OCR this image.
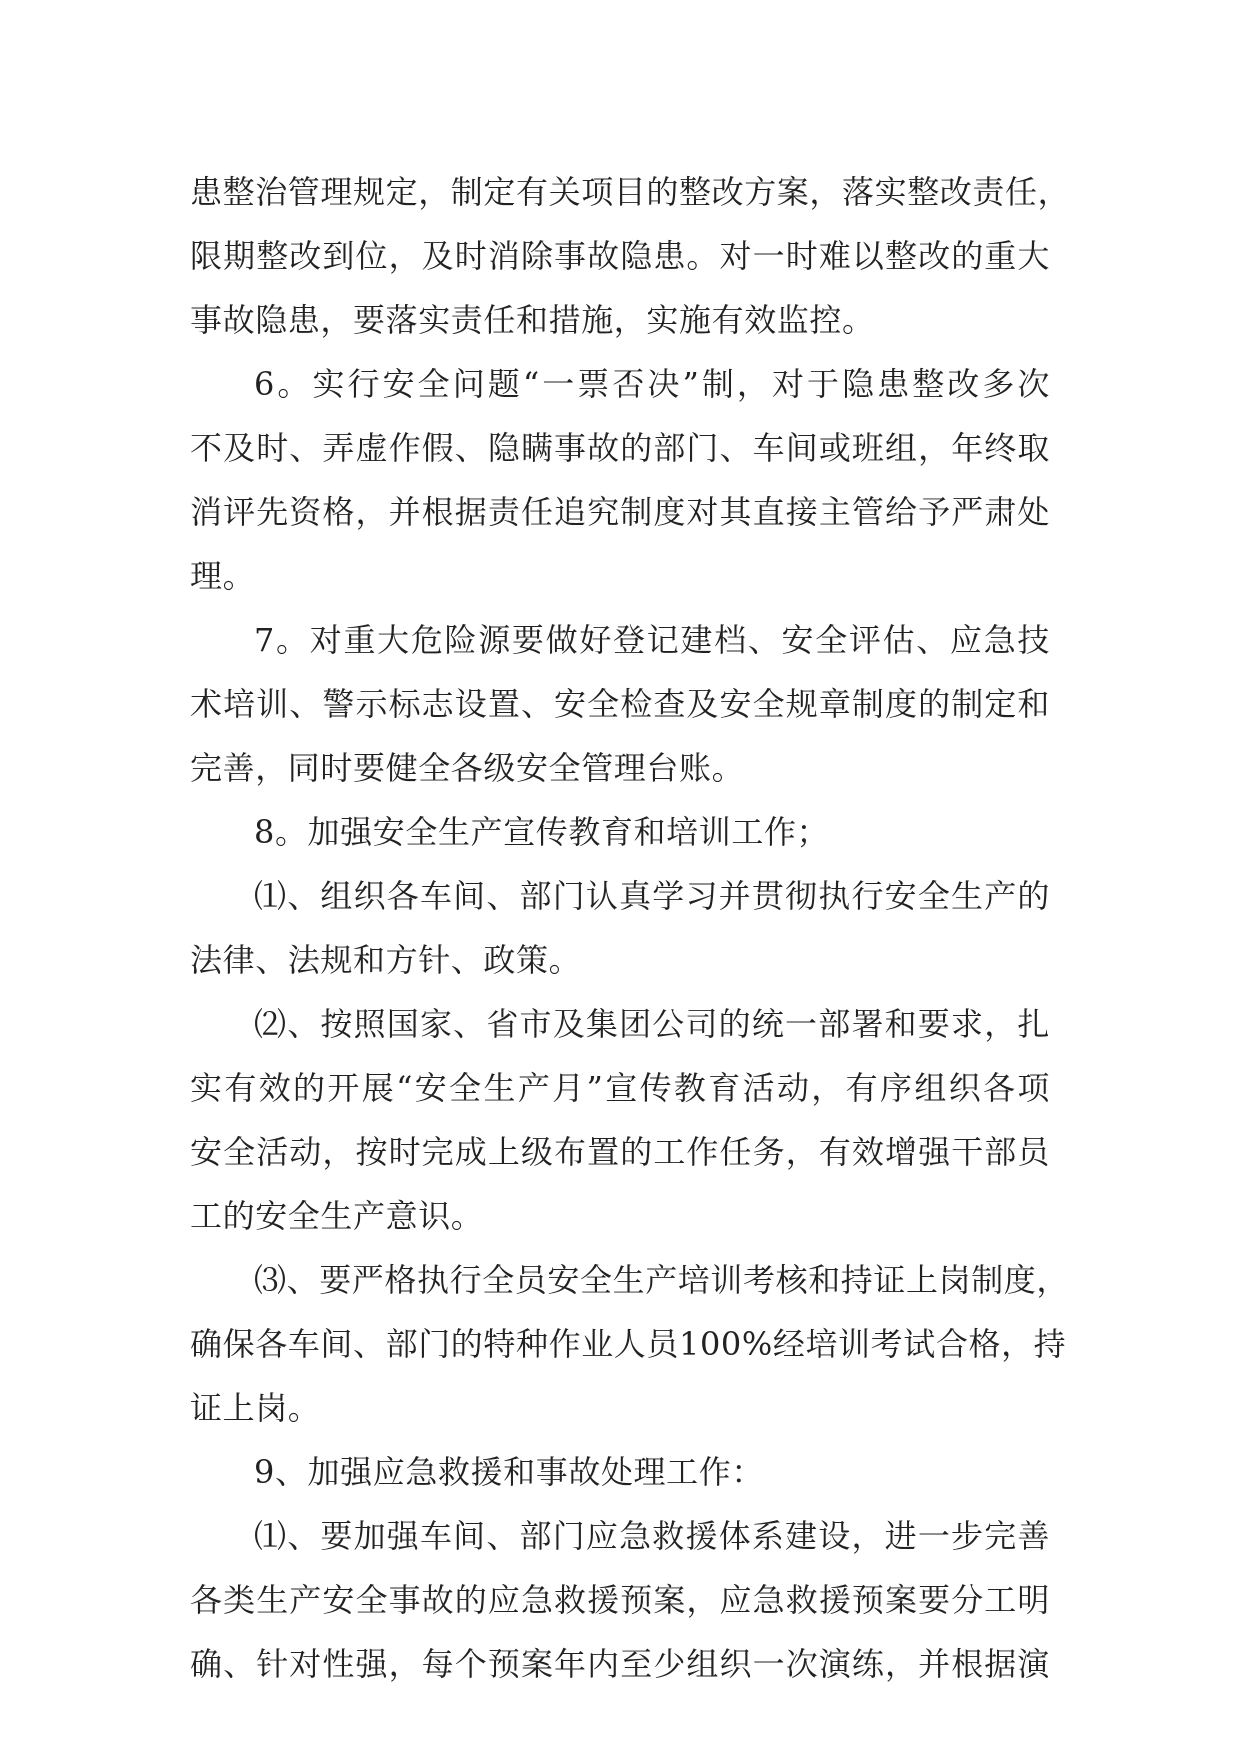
患整治管理规定，制定有关项目的整改方案，落实整改责任，
限期整改到位，及时消除事故隐患。对一时难以整改的重大
事故隐患，要落实责任和措施，实施有效监控。
6。实行安全问题“一票否决”制，对于隐患整改多次
不及时、弄虚作假、隐瞒事故的部门、车间或班组，年终取
消评先资格，并根据责任追究制度对其直接主管给予严肃处
理。
7。对重大危险源要做好登记建档、安全评估、应急技
术培训、警示标志设置、安全检查及安全规章制度的制定和
完善，同时要健全各级安全管理台账。
8。加强安全生产宣传教育和培训工作；
⑴、组织各车间、部门认真学习并贯彻执行安全生产的
法律、法规和方针、政策。
⑵、按照国家、省市及集团公司的统一部署和要求，扎
实有效的开展“安全生产月”宣传教育活动，有序组织各项
安全活动，按时完成上级布置的工作任务，有效增强干部员
工的安全生产意识。
⑶、要严格执行全员安全生产培训考核和持证上岗制度，
确保各车间、部门的特种作业人员100%经培训考试合格，持
证上岗。
9、加强应急救援和事故处理工作：
⑴、要加强车间、部门应急救援体系建设，进一步完善
各类生产安全事故的应急救援预案，应急救援预案要分工明
确、针对性强，每个预案年内至少组织一次演练，并根据演
